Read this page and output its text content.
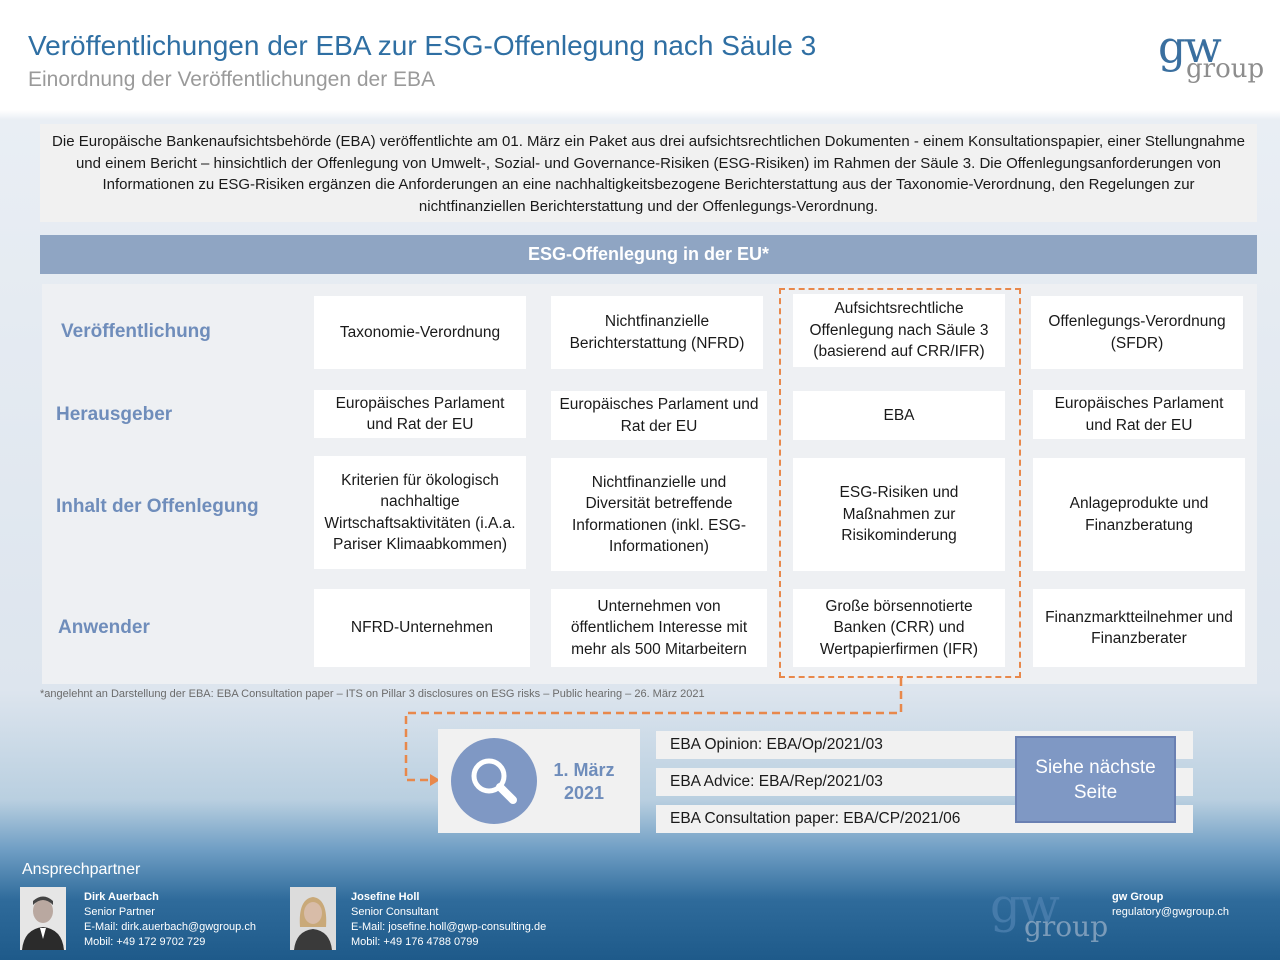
Veröffentlichungen der EBA zur ESG-Offenlegung nach Säule 3
Einordnung der Veröffentlichungen der EBA
gw
group
Die Europäische Bankenaufsichtsbehörde (EBA) veröffentlichte am 01. März ein Paket aus drei aufsichtsrechtlichen Dokumenten - einem Konsultationspapier, einer Stellungnahme und einem Bericht – hinsichtlich der Offenlegung von Umwelt-, Sozial- und Governance-Risiken (ESG-Risiken) im Rahmen der Säule 3. Die Offenlegungsanforderungen von Informationen zu ESG-Risiken ergänzen die Anforderungen an eine nachhaltigkeitsbezogene Berichterstattung aus der Taxonomie-Verordnung, den Regelungen zur nichtfinanziellen Berichterstattung und der Offenlegungs-Verordnung.
ESG-Offenlegung in der EU*
Veröffentlichung
Herausgeber
Inhalt der Offenlegung
Anwender
Taxonomie-Verordnung
Nichtfinanzielle Berichterstattung (NFRD)
Aufsichtsrechtliche Offenlegung nach Säule 3 (basierend auf CRR/IFR)
Offenlegungs-Verordnung (SFDR)
Europäisches Parlament und Rat der EU
Europäisches Parlament und Rat der EU
EBA
Europäisches Parlament und Rat der EU
Kriterien für ökologisch nachhaltige Wirtschaftsaktivitäten (i.A.a. Pariser Klimaabkommen)
Nichtfinanzielle und Diversität betreffende Informationen (inkl. ESG-Informationen)
ESG-Risiken und Maßnahmen zur Risikominderung
Anlageprodukte und Finanzberatung
NFRD-Unternehmen
Unternehmen von öffentlichem Interesse mit mehr als 500 Mitarbeitern
Große börsennotierte Banken (CRR) und Wertpapierfirmen (IFR)
Finanzmarktteilnehmer und Finanzberater
*angelehnt an Darstellung der EBA: EBA Consultation paper – ITS on Pillar 3 disclosures on ESG risks – Public hearing – 26. März 2021
1. März
2021
EBA Opinion: EBA/Op/2021/03
EBA Advice: EBA/Rep/2021/03
EBA Consultation paper: EBA/CP/2021/06
Siehe nächste Seite
Ansprechpartner
Dirk Auerbach
Senior Partner
E-Mail: dirk.auerbach@gwgroup.ch
Mobil: +49 172 9702 729
Josefine Holl
Senior Consultant
E-Mail: josefine.holl@gwp-consulting.de
Mobil: +49 176 4788 0799
gw
group
gw Group
regulatory@gwgroup.ch
